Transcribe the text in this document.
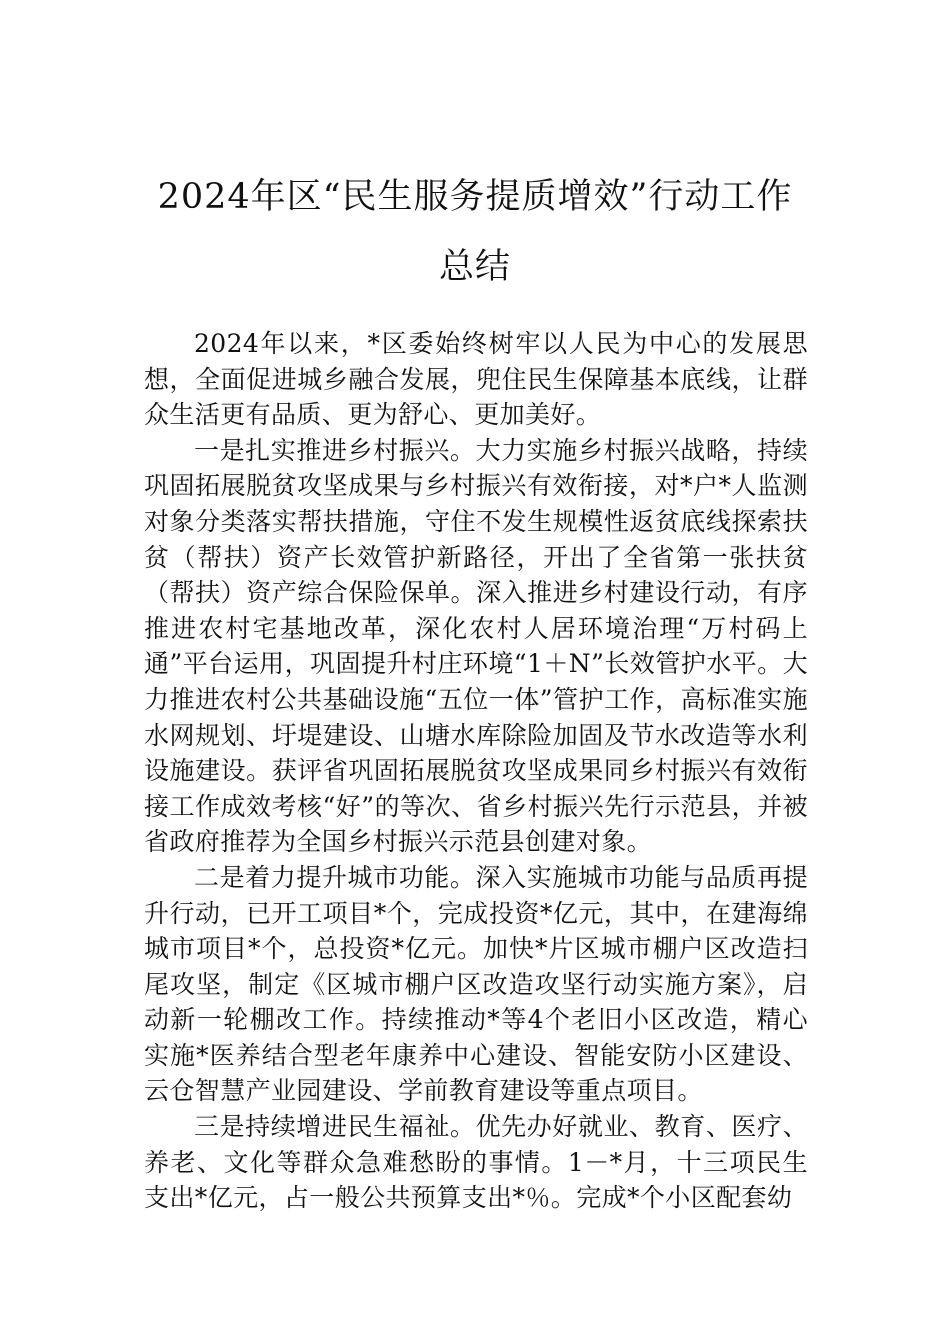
2024年区“民生服务提质增效”行动工作
总结

2024年以来，*区委始终树牢以人民为中心的发展思想，全面促进城乡融合发展，兜住民生保障基本底线，让群众生活更有品质、更为舒心、更加美好。

一是扎实推进乡村振兴。大力实施乡村振兴战略，持续巩固拓展脱贫攻坚成果与乡村振兴有效衔接，对*户*人监测对象分类落实帮扶措施，守住不发生规模性返贫底线探索扶贫（帮扶）资产长效管护新路径，开出了全省第一张扶贫（帮扶）资产综合保险保单。深入推进乡村建设行动，有序推进农村宅基地改革，深化农村人居环境治理“万村码上通”平台运用，巩固提升村庄环境“1＋N”长效管护水平。大力推进农村公共基础设施“五位一体”管护工作，高标准实施水网规划、圩堤建设、山塘水库除险加固及节水改造等水利设施建设。获评省巩固拓展脱贫攻坚成果同乡村振兴有效衔接工作成效考核“好”的等次、省乡村振兴先行示范县，并被省政府推荐为全国乡村振兴示范县创建对象。

二是着力提升城市功能。深入实施城市功能与品质再提升行动，已开工项目*个，完成投资*亿元，其中，在建海绵城市项目*个，总投资*亿元。加快*片区城市棚户区改造扫尾攻坚，制定《区城市棚户区改造攻坚行动实施方案》，启动新一轮棚改工作。持续推动*等4个老旧小区改造，精心实施*医养结合型老年康养中心建设、智能安防小区建设、云仓智慧产业园建设、学前教育建设等重点项目。

三是持续增进民生福祉。优先办好就业、教育、医疗、养老、文化等群众急难愁盼的事情。1－*月，十三项民生支出*亿元，占一般公共预算支出*％。完成*个小区配套幼
